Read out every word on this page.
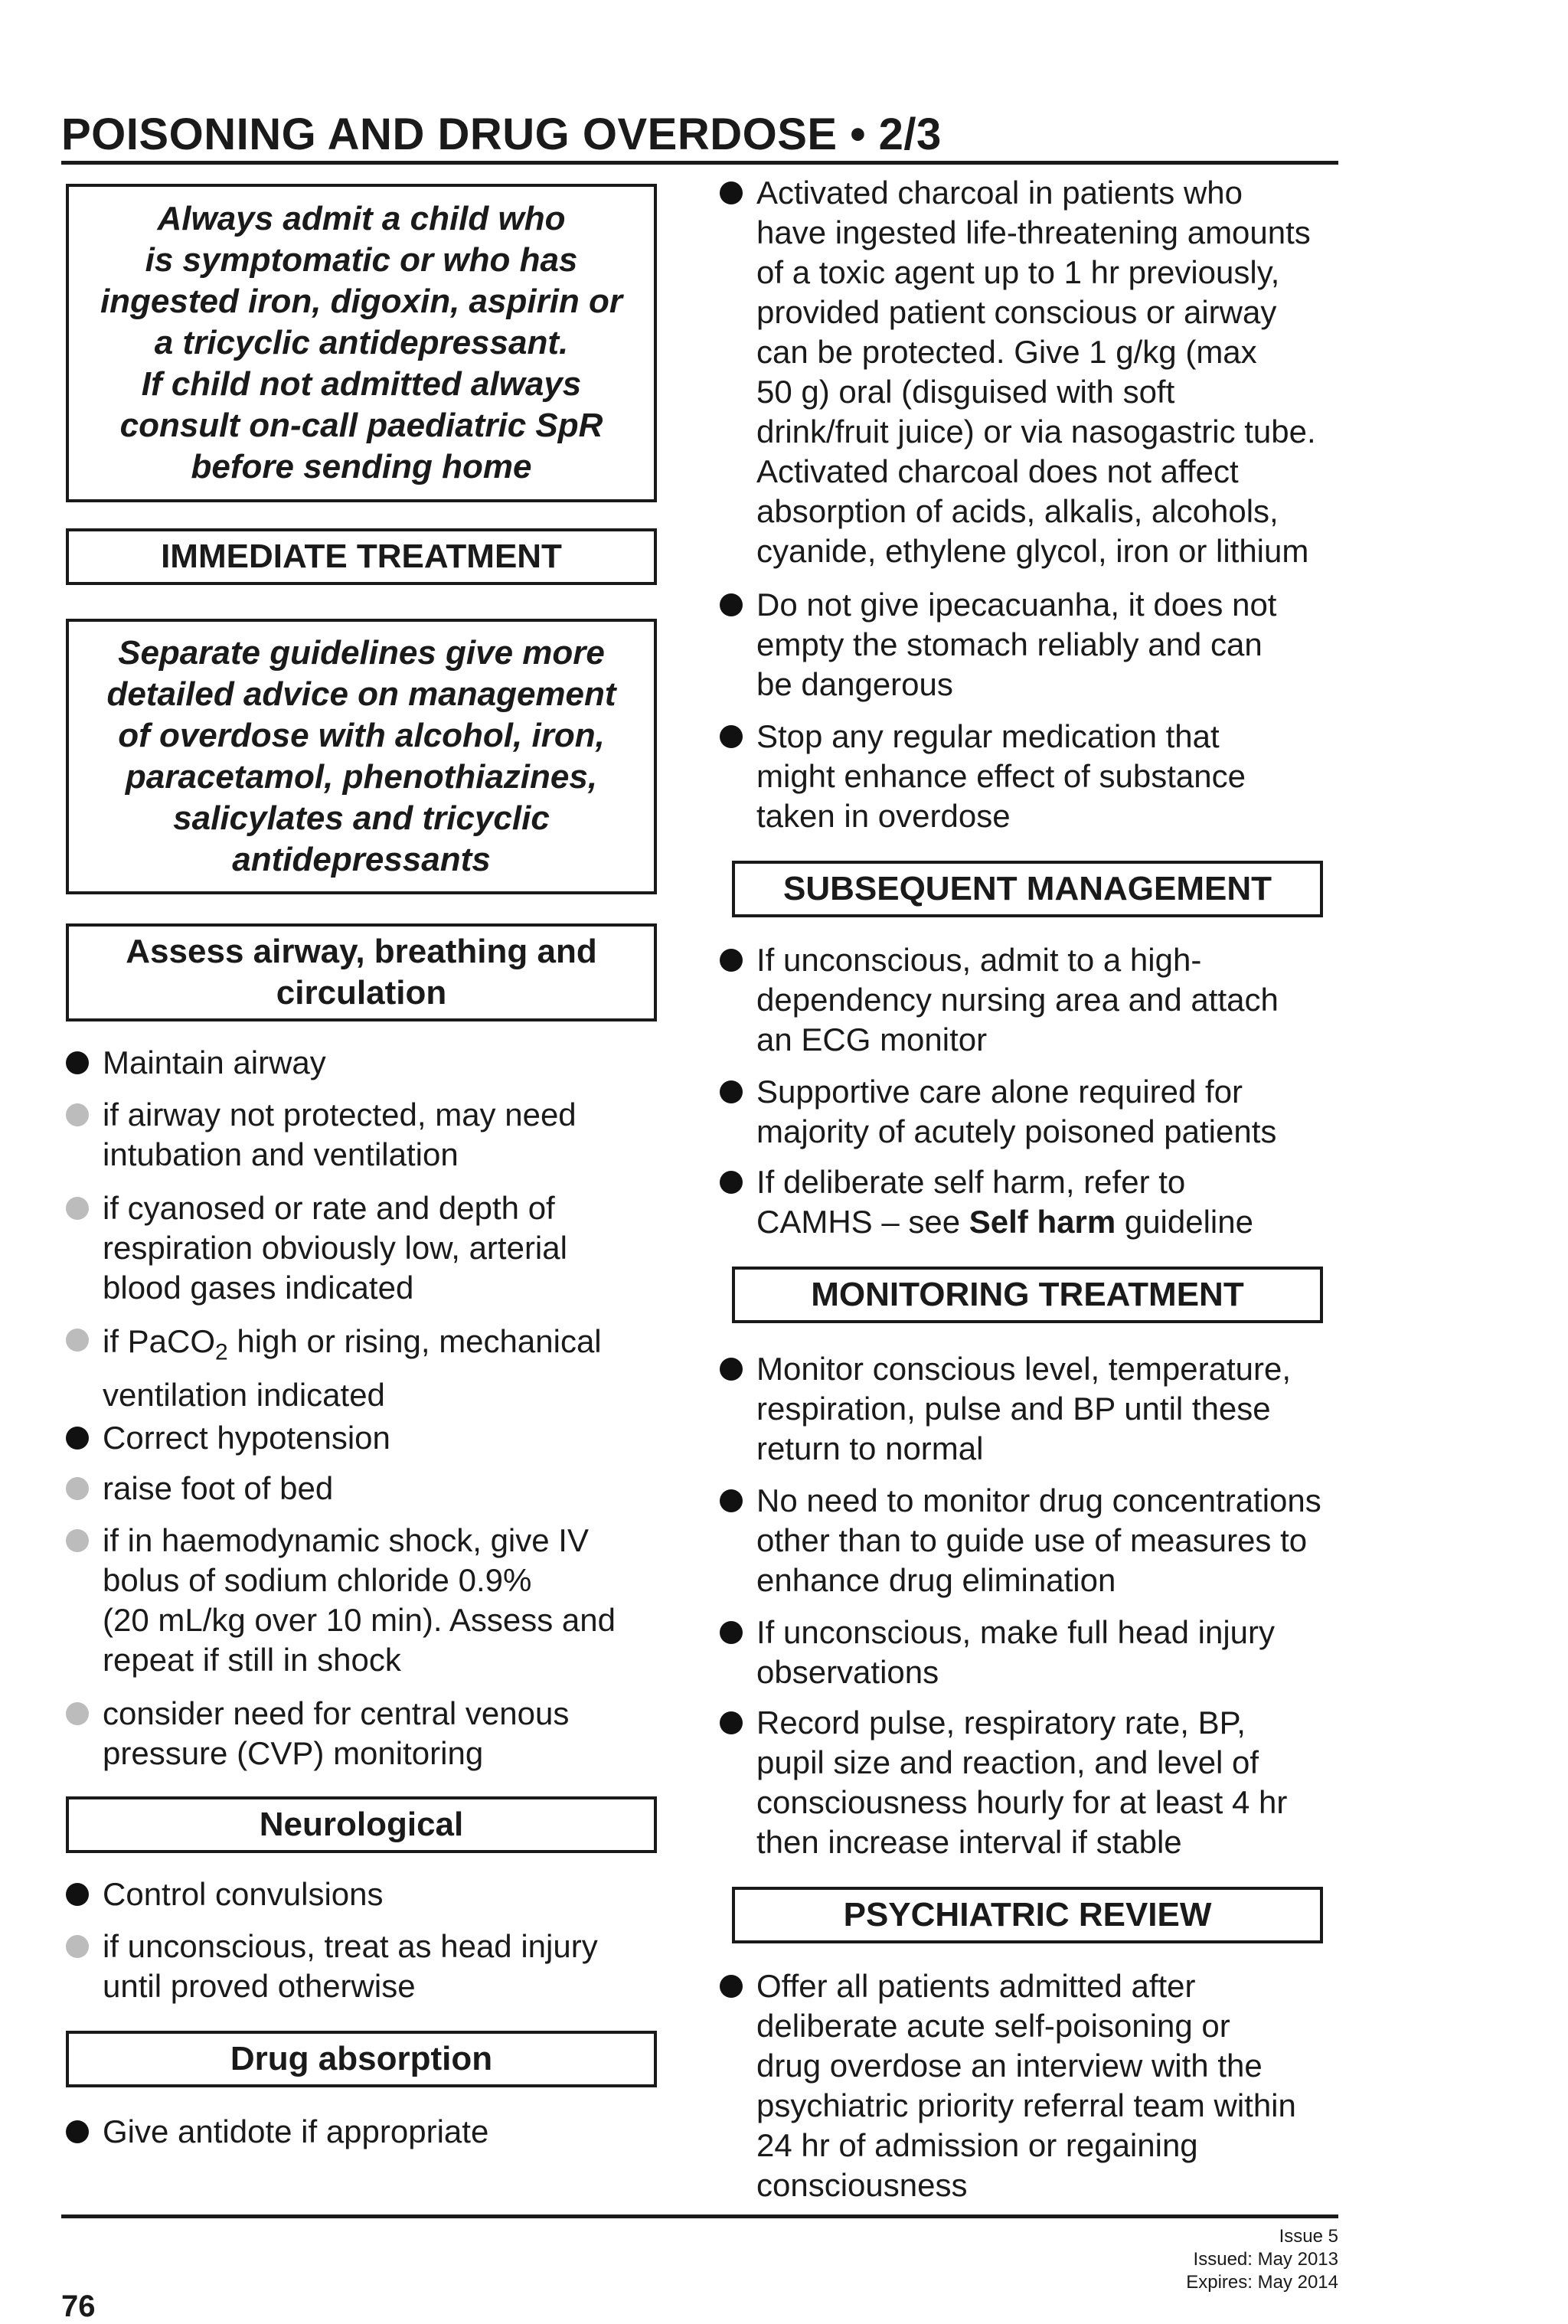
POISONING AND DRUG OVERDOSE • 2/3
Always admit a child who
is symptomatic or who has
ingested iron, digoxin, aspirin or
a tricyclic antidepressant.
If child not admitted always
consult on-call paediatric SpR
before sending home
IMMEDIATE TREATMENT
Separate guidelines give more
detailed advice on management
of overdose with alcohol, iron,
paracetamol, phenothiazines,
salicylates and tricyclic
antidepressants
Assess airway, breathing and
circulation
Maintain airway
if airway not protected, may need
intubation and ventilation
if cyanosed or rate and depth of
respiration obviously low, arterial
blood gases indicated
if PaCO$_2$ high or rising, mechanical
ventilation indicated
Correct hypotension
raise foot of bed
if in haemodynamic shock, give IV
bolus of sodium chloride 0.9%
(20 mL/kg over 10 min). Assess and
repeat if still in shock
consider need for central venous
pressure (CVP) monitoring
Neurological
Control convulsions
if unconscious, treat as head injury
until proved otherwise
Drug absorption
Give antidote if appropriate
Activated charcoal in patients who
have ingested life-threatening amounts
of a toxic agent up to 1 hr previously,
provided patient conscious or airway
can be protected. Give 1 g/kg (max
50 g) oral (disguised with soft
drink/fruit juice) or via nasogastric tube.
Activated charcoal does not affect
absorption of acids, alkalis, alcohols,
cyanide, ethylene glycol, iron or lithium
Do not give ipecacuanha, it does not
empty the stomach reliably and can
be dangerous
Stop any regular medication that
might enhance effect of substance
taken in overdose
SUBSEQUENT MANAGEMENT
If unconscious, admit to a high-
dependency nursing area and attach
an ECG monitor
Supportive care alone required for
majority of acutely poisoned patients
If deliberate self harm, refer to
CAMHS – see Self harm guideline
MONITORING TREATMENT
Monitor conscious level, temperature,
respiration, pulse and BP until these
return to normal
No need to monitor drug concentrations
other than to guide use of measures to
enhance drug elimination
If unconscious, make full head injury
observations
Record pulse, respiratory rate, BP,
pupil size and reaction, and level of
consciousness hourly for at least 4 hr
then increase interval if stable
PSYCHIATRIC REVIEW
Offer all patients admitted after
deliberate acute self-poisoning or
drug overdose an interview with the
psychiatric priority referral team within
24 hr of admission or regaining
consciousness
76
Issue 5
Issued: May 2013
Expires: May 2014
